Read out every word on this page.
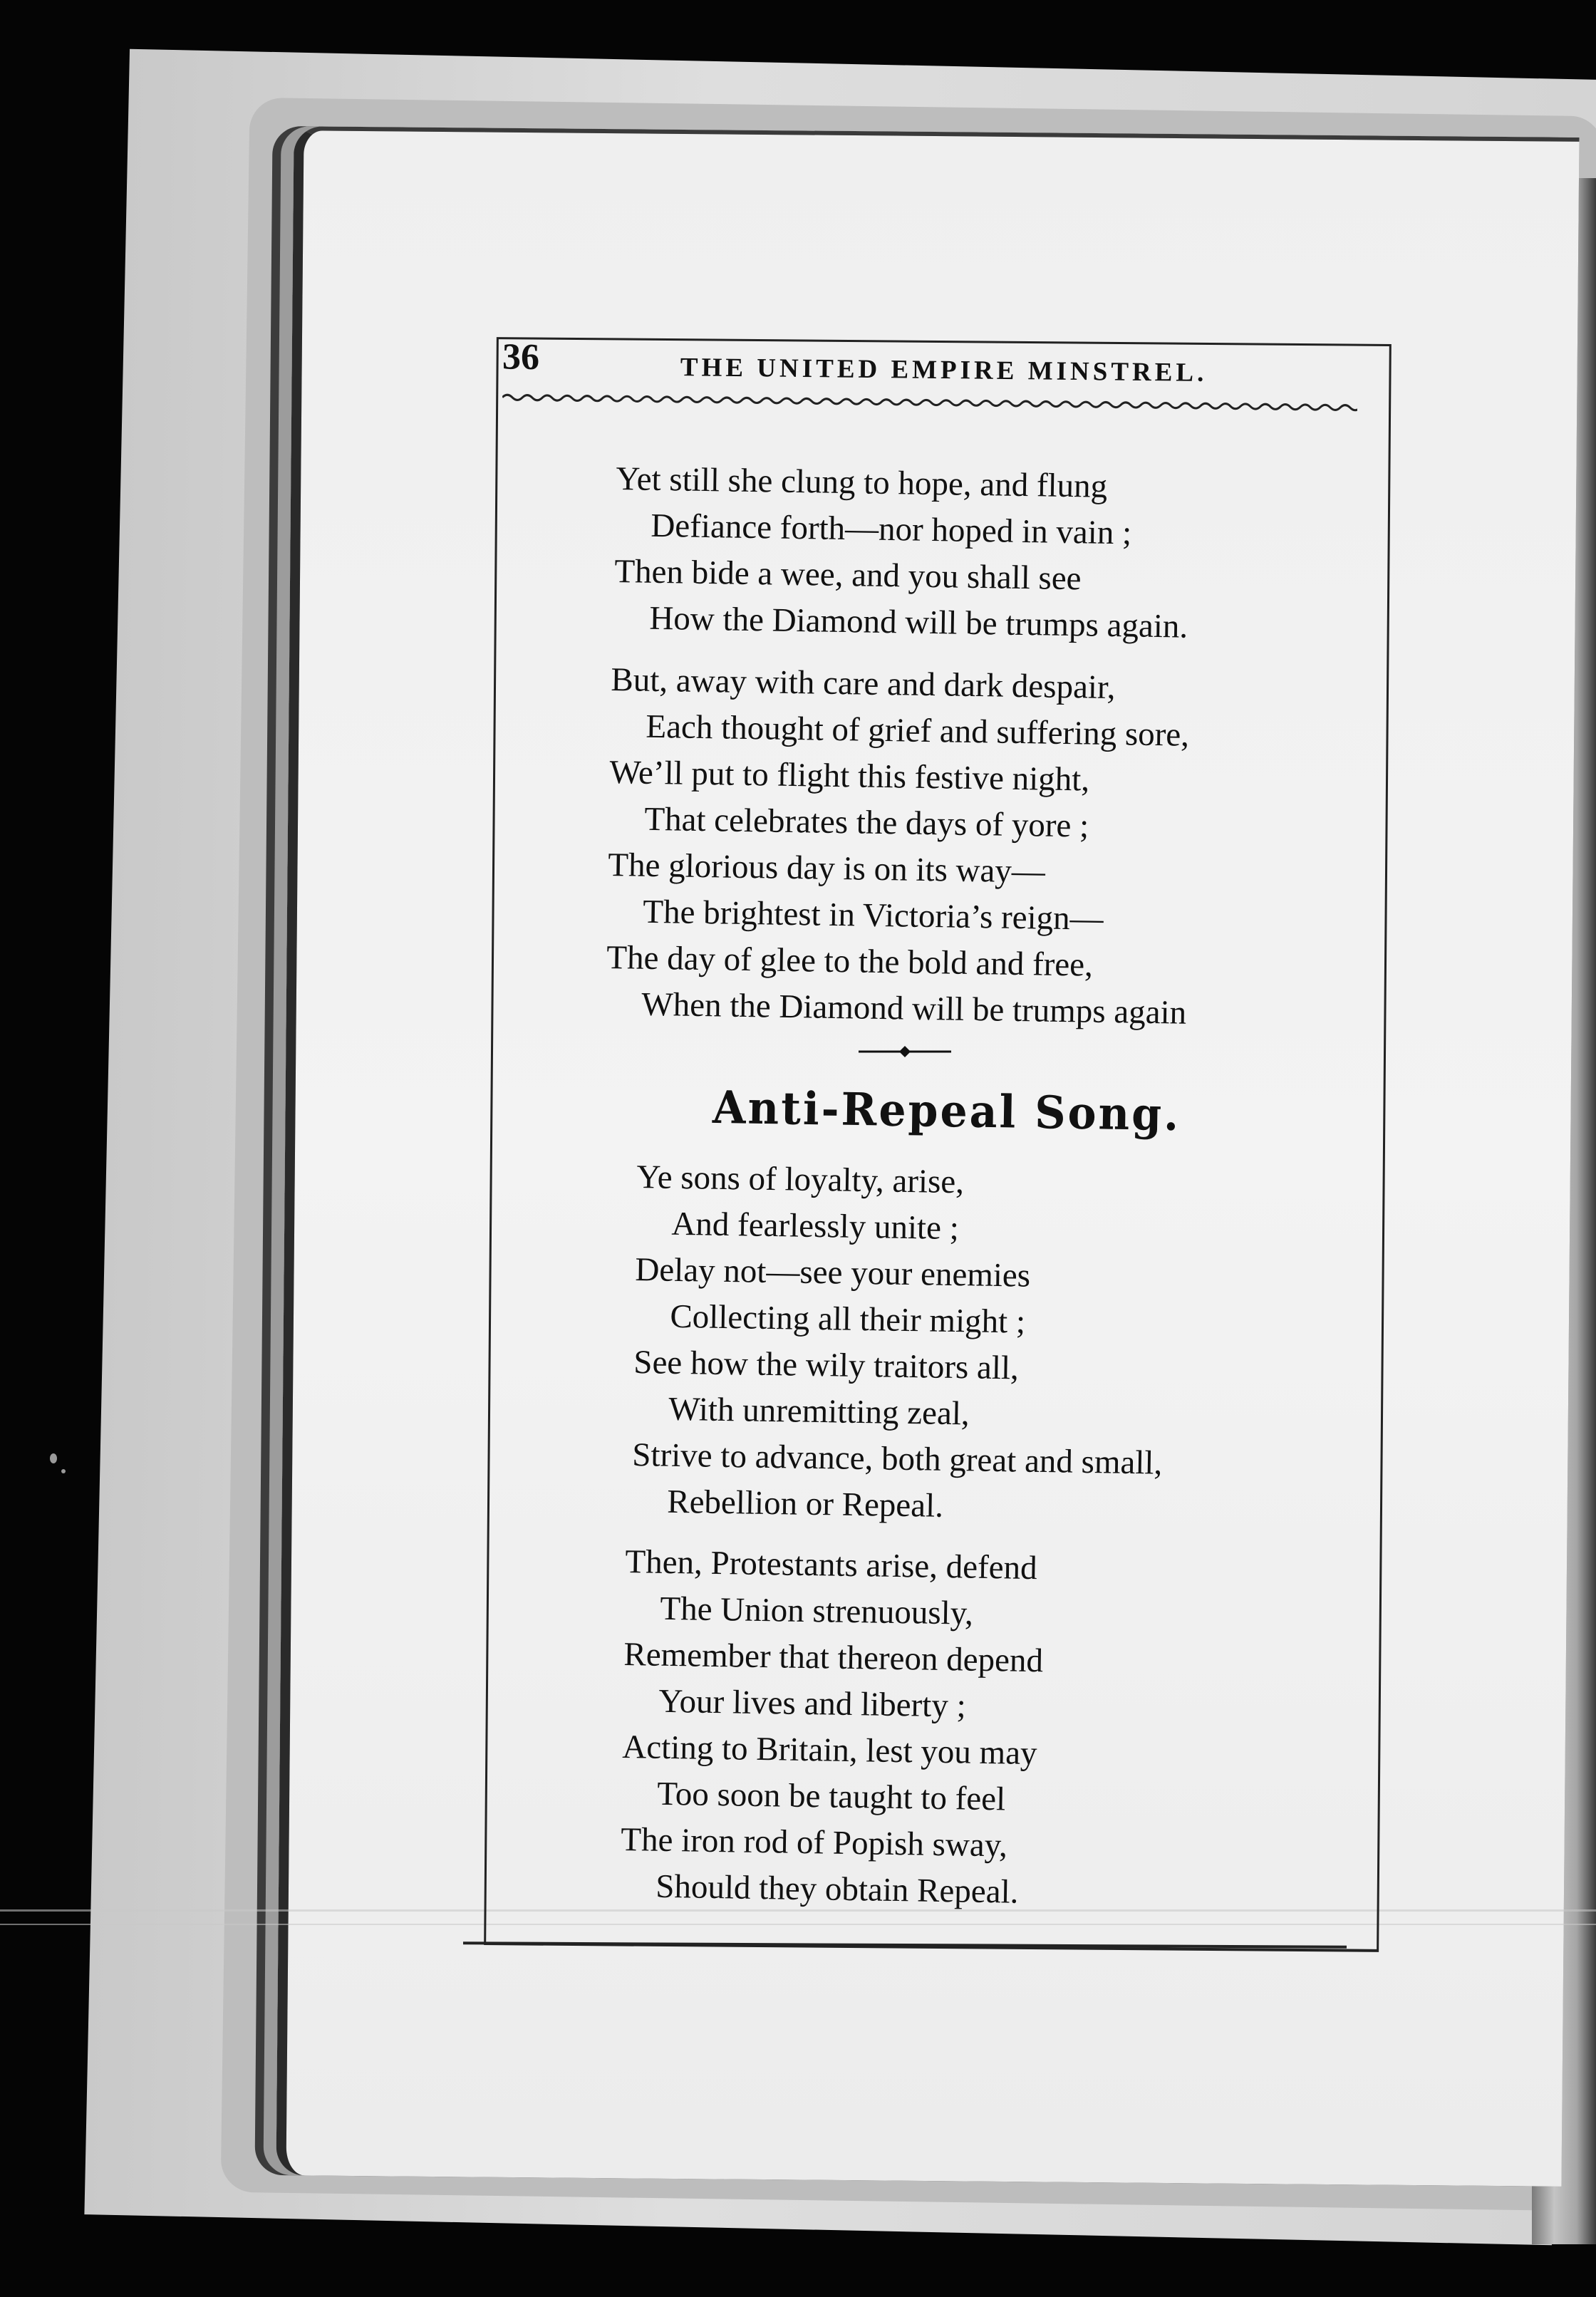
36	THE UNITED EMPIRE MINSTREL.
Yet still she clung to hope, and flung
Defiance forth—nor hoped in vain ;
Then bide a wee, and you shall see
How the Diamond will be trumps again.
But, away with care and dark despair,
Each thought of grief and suffering sore,
We’ll put to flight this festive night,
That celebrates the days of yore ;
The glorious day is on its way—
The brightest in Victoria’s reign—
The day of glee to the bold and free,
When the Diamond will be trumps again
Anti-Repeal Song.
Ye sons of loyalty, arise,
And fearlessly unite ;
Delay not—see your enemies
Collecting all their might ;
See how the wily traitors all,
With unremitting zeal,
Strive to advance, both great and small,
Rebellion or Repeal.
Then, Protestants arise, defend
The Union strenuously,
Remember that thereon depend
Your lives and liberty ;
Acting to Britain, lest you may
Too soon be taught to feel
The iron rod of Popish sway,
Should they obtain Repeal.
